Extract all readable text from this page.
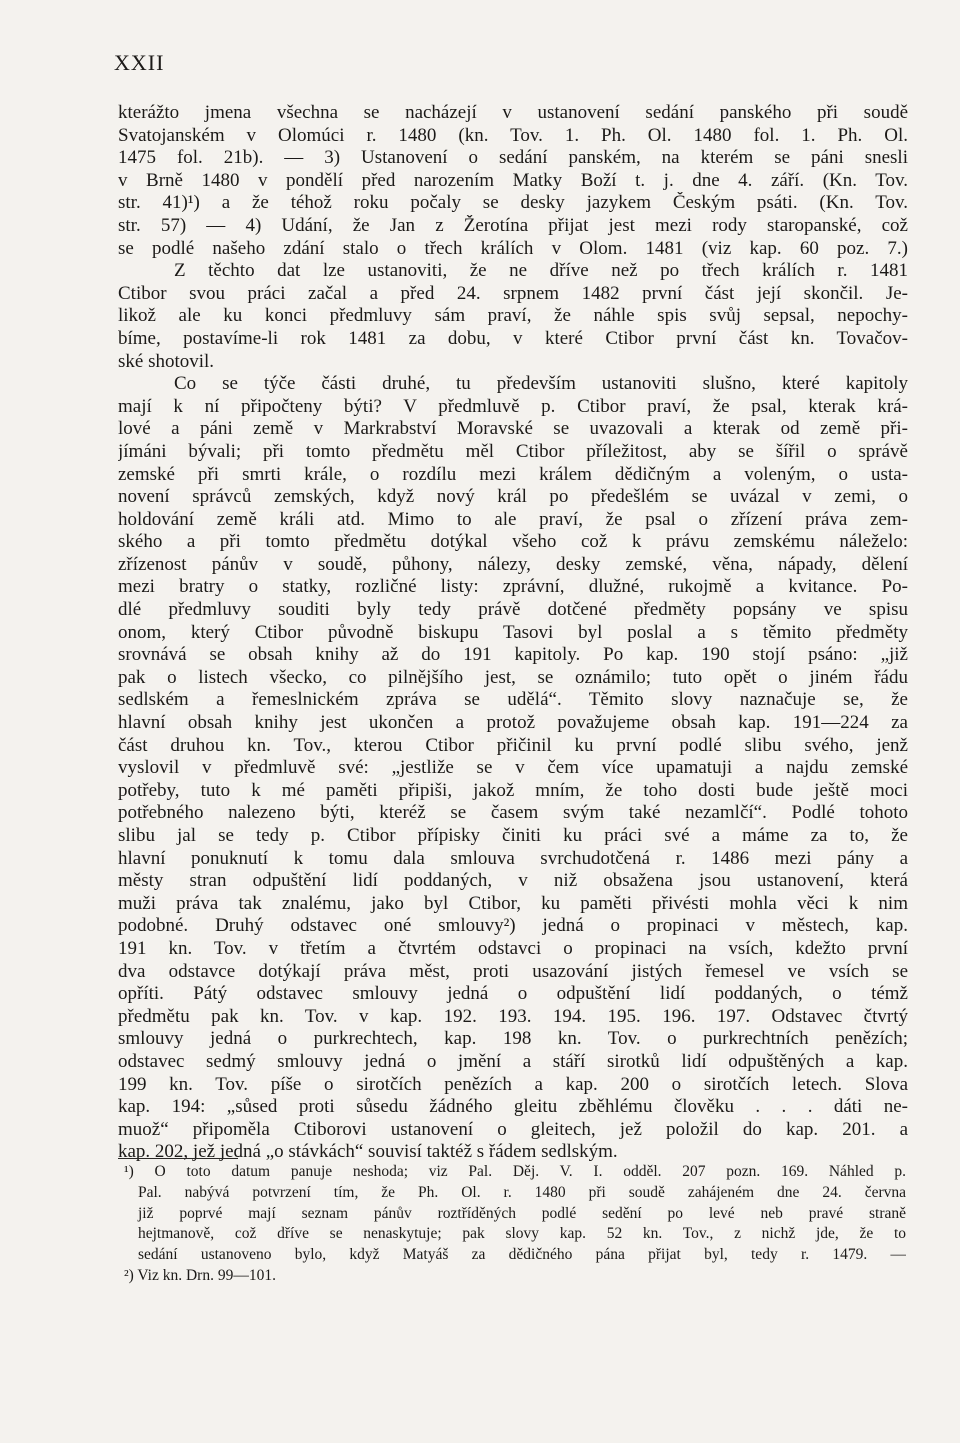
XXII
kterážto jmena všechna se nacházejí v ustanovení sedání panského při soudě
Svatojanském v Olomúci r. 1480 (kn. Tov. 1. Ph. Ol. 1480 fol. 1. Ph. Ol.
1475 fol. 21b). — 3) Ustanovení o sedání panském, na kterém se páni snesli
v Brně 1480 v pondělí před narozením Matky Boží t. j. dne 4. září. (Kn. Tov.
str. 41)¹) a že téhož roku počaly se desky jazykem Českým psáti. (Kn. Tov.
str. 57) — 4) Udání, že Jan z Žerotína přijat jest mezi rody staropanské, což
se podlé našeho zdání stalo o třech králích v Olom. 1481 (viz kap. 60 poz. 7.)
Z těchto dat lze ustanoviti, že ne dříve než po třech králích r. 1481
Ctibor svou práci začal a před 24. srpnem 1482 první část její skončil. Je-
likož ale ku konci předmluvy sám praví, že náhle spis svůj sepsal, nepochy-
bíme, postavíme-li rok 1481 za dobu, v které Ctibor první část kn. Tovačov-
ské shotovil.
Co se týče části druhé, tu především ustanoviti slušno, které kapitoly
mají k ní připočteny býti? V předmluvě p. Ctibor praví, že psal, kterak krá-
lové a páni země v Markrabství Moravské se uvazovali a kterak od země při-
jímáni bývali; při tomto předmětu měl Ctibor příležitost, aby se šířil o správě
zemské při smrti krále, o rozdílu mezi králem dědičným a voleným, o usta-
novení správců zemských, když nový král po předešlém se uvázal v zemi, o
holdování země králi atd. Mimo to ale praví, že psal o zřízení práva zem-
ského a při tomto předmětu dotýkal všeho což k právu zemskému náleželo:
zřízenost pánův v soudě, půhony, nálezy, desky zemské, věna, nápady, dělení
mezi bratry o statky, rozličné listy: zprávní, dlužné, rukojmě a kvitance. Po-
dlé předmluvy souditi byly tedy právě dotčené předměty popsány ve spisu
onom, který Ctibor původně biskupu Tasovi byl poslal a s těmito předměty
srovnává se obsah knihy až do 191 kapitoly. Po kap. 190 stojí psáno: „již
pak o listech všecko, co pilnějšího jest, se oznámilo; tuto opět o jiném řádu
sedlském a řemeslnickém zpráva se udělá“. Těmito slovy naznačuje se, že
hlavní obsah knihy jest ukončen a protož považujeme obsah kap. 191—224 za
část druhou kn. Tov., kterou Ctibor přičinil ku první podlé slibu svého, jenž
vyslovil v předmluvě své: „jestliže se v čem více upamatuji a najdu zemské
potřeby, tuto k mé paměti připiši, jakož mním, že toho dosti bude ještě moci
potřebného nalezeno býti, kteréž se časem svým také nezamlčí“. Podlé tohoto
slibu jal se tedy p. Ctibor přípisky činiti ku práci své a máme za to, že
hlavní ponuknutí k tomu dala smlouva svrchudotčená r. 1486 mezi pány a
městy stran odpuštění lidí poddaných, v niž obsažena jsou ustanovení, která
muži práva tak znalému, jako byl Ctibor, ku paměti přivésti mohla věci k nim
podobné. Druhý odstavec oné smlouvy²) jedná o propinaci v městech, kap.
191 kn. Tov. v třetím a čtvrtém odstavci o propinaci na vsích, kdežto první
dva odstavce dotýkají práva měst, proti usazování jistých řemesel ve vsích se
opříti. Pátý odstavec smlouvy jedná o odpuštění lidí poddaných, o témž
předmětu pak kn. Tov. v kap. 192. 193. 194. 195. 196. 197. Odstavec čtvrtý
smlouvy jedná o purkrechtech, kap. 198 kn. Tov. o purkrechtních penězích;
odstavec sedmý smlouvy jedná o jmění a stáří sirotků lidí odpuštěných a kap.
199 kn. Tov. píše o sirotčích penězích a kap. 200 o sirotčích letech. Slova
kap. 194: „sůsed proti sůsedu žádného gleitu zběhlému člověku . . . dáti ne-
muož“ připoměla Ctiborovi ustanovení o gleitech, jež položil do kap. 201. a
kap. 202, jež jedná „o stávkách“ souvisí taktéž s řádem sedlským.
¹) O toto datum panuje neshoda; viz Pal. Děj. V. I. odděl. 207 pozn. 169. Náhled p.
Pal. nabývá potvrzení tím, že Ph. Ol. r. 1480 při soudě zahájeném dne 24. června
již poprvé mají seznam pánův roztříděných podlé sedění po levé neb pravé straně
hejtmanově, což dříve se nenaskytuje; pak slovy kap. 52 kn. Tov., z nichž jde, že to
sedání ustanoveno bylo, když Matyáš za dědičného pána přijat byl, tedy r. 1479. —
²) Viz kn. Drn. 99—101.
